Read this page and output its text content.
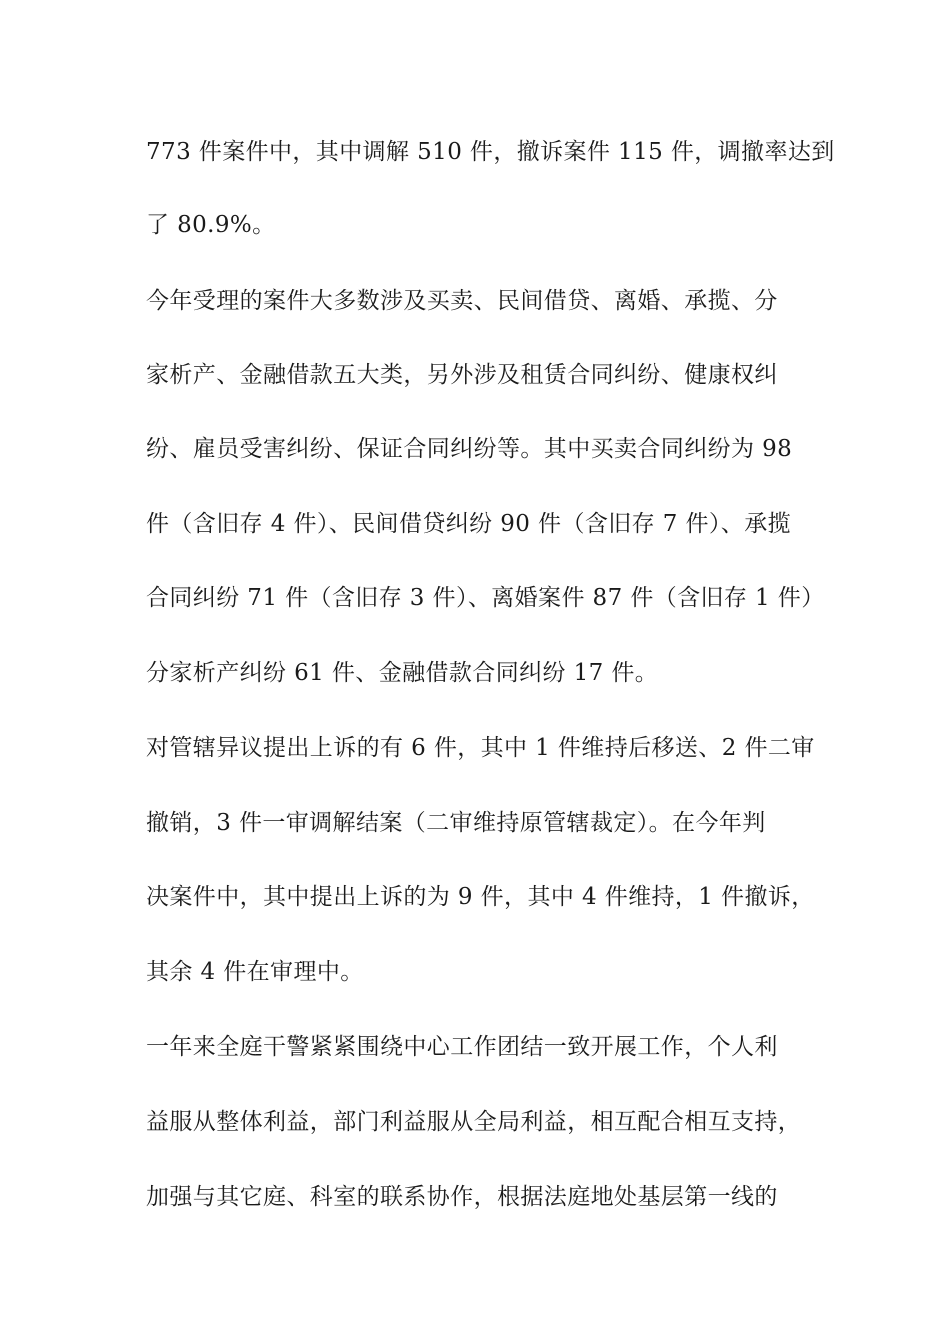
773 件案件中，其中调解 510 件，撤诉案件 115 件，调撤率达到
了 80.9%。
今年受理的案件大多数涉及买卖、民间借贷、离婚、承揽、分
家析产、金融借款五大类，另外涉及租赁合同纠纷、健康权纠
纷、雇员受害纠纷、保证合同纠纷等。其中买卖合同纠纷为 98
件（含旧存 4 件）、民间借贷纠纷 90 件（含旧存 7 件）、承揽
合同纠纷 71 件（含旧存 3 件）、离婚案件 87 件（含旧存 1 件）
分家析产纠纷 61 件、金融借款合同纠纷 17 件。
对管辖异议提出上诉的有 6 件，其中 1 件维持后移送、2 件二审
撤销，3 件一审调解结案（二审维持原管辖裁定）。在今年判
决案件中，其中提出上诉的为 9 件，其中 4 件维持，1 件撤诉，
其余 4 件在审理中。
一年来全庭干警紧紧围绕中心工作团结一致开展工作，个人利
益服从整体利益，部门利益服从全局利益，相互配合相互支持，
加强与其它庭、科室的联系协作，根据法庭地处基层第一线的
